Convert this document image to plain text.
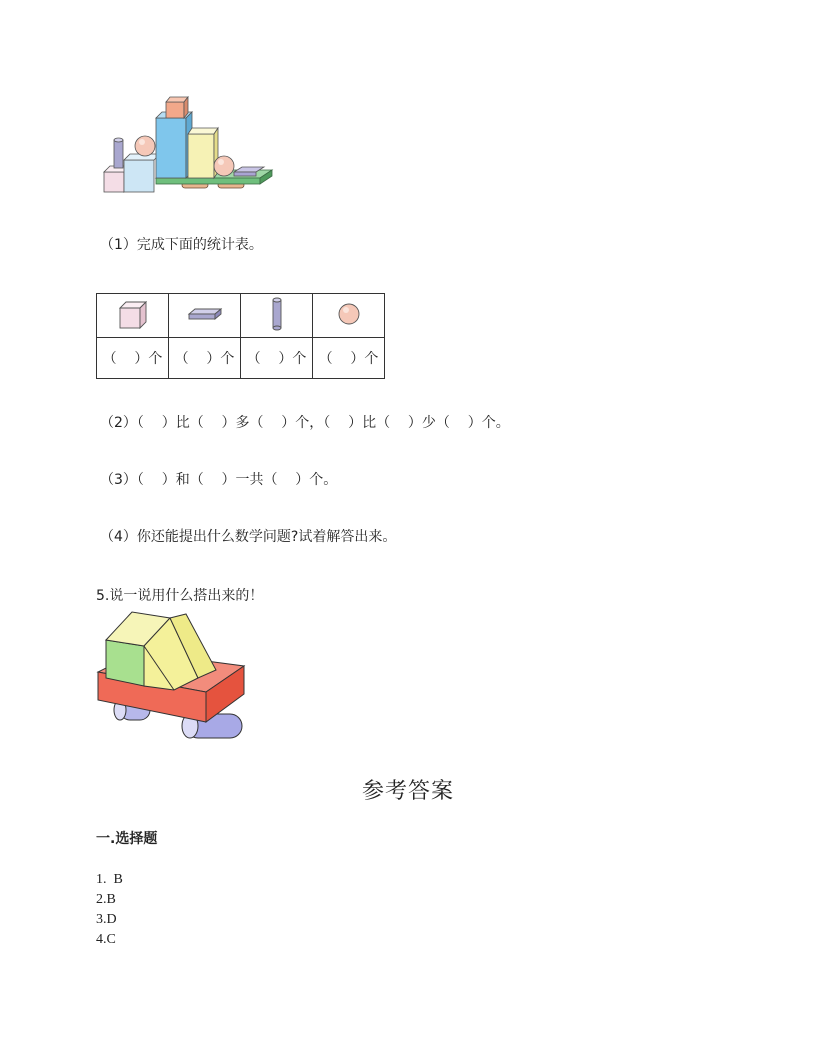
（1）完成下面的统计表。

（    ）个	（    ）个	（    ）个	（    ）个
（2）（    ）比（    ）多（    ）个，（    ）比（    ）少（    ）个。
（3）（    ）和（    ）一共（    ）个。
（4）你还能提出什么数学问题?试着解答出来。
5.说一说用什么搭出来的！
参考答案
一.选择题
1.  B
2.B
3.D
4.C
